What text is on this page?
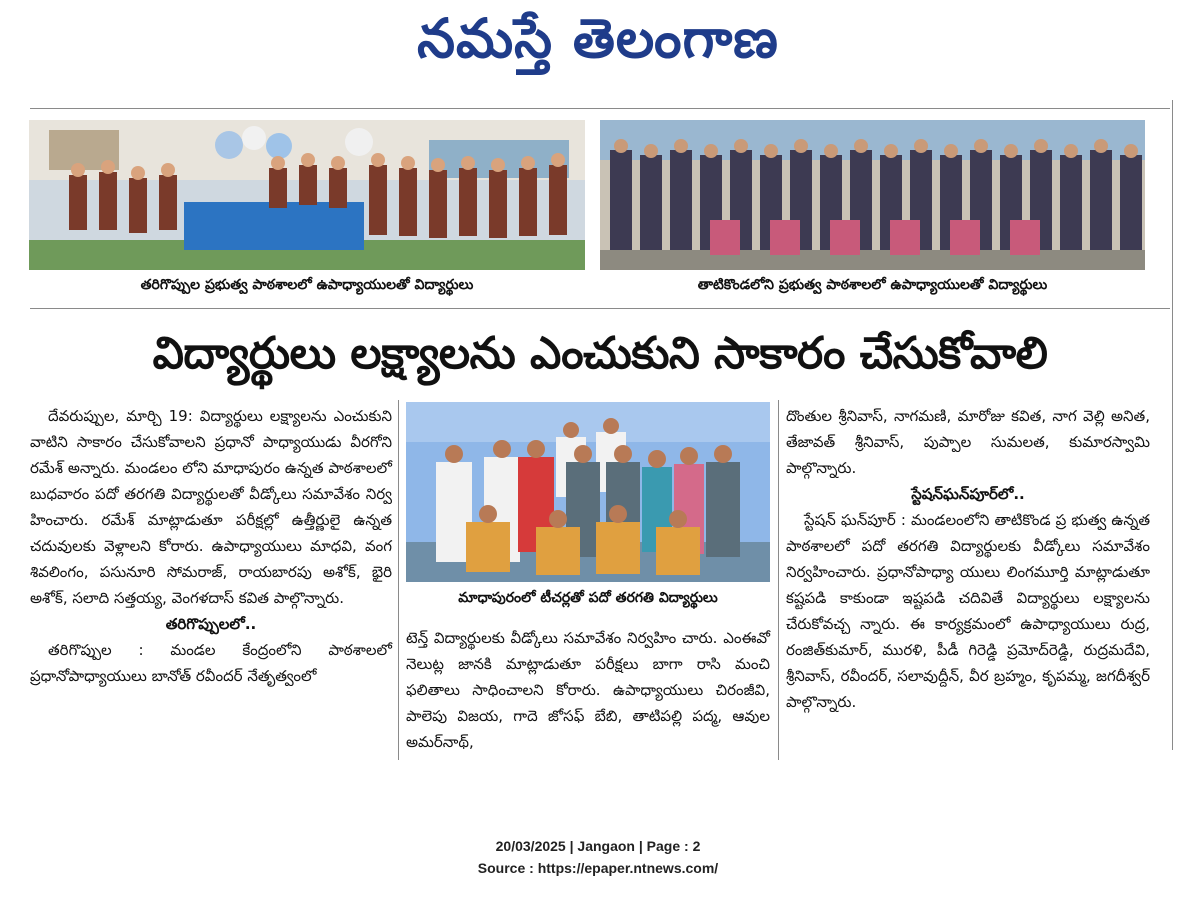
నమస్తే తెలంగాణ
తరిగొప్పుల ప్రభుత్వ పాఠశాలలో ఉపాధ్యాయులతో విద్యార్థులు	తాటికొండలోని ప్రభుత్వ పాఠశాలలో ఉపాధ్యాయులతో విద్యార్థులు
విద్యార్థులు లక్ష్యాలను ఎంచుకుని సాకారం చేసుకోవాలి
మాధాపురంలో టీచర్లతో పదో తరగతి విద్యార్థులు

దేవరుప్పుల, మార్చి 19: విద్యార్థులు లక్ష్యాలను ఎంచుకుని వాటిని సాకారం చేసుకోవాలని ప్రధానో పాధ్యాయుడు వీరగోని రమేశ్ అన్నారు. మండలం లోని మాధాపురం ఉన్నత పాఠశాలలో బుధవారం పదో తరగతి విద్యార్థులతో వీడ్కోలు సమావేశం నిర్వ హించారు. రమేశ్ మాట్లాడుతూ పరీక్షల్లో ఉత్తీర్ణులై ఉన్నత చదువులకు వెళ్లాలని కోరారు. ఉపాధ్యాయులు మాధవి, వంగ శివలింగం, పసునూరి సోమరాజ్, రాయబారపు అశోక్, భైరి అశోక్, సలాది సత్తయ్య, వెంగళదాస్ కవిత పాల్గొన్నారు.

తరిగొప్పులలో..

తరిగొప్పుల : మండల కేంద్రంలోని పాఠశాలలో ప్రధానోపాధ్యాయులు బానోత్ రవీందర్ నేతృత్వంలో

టెన్త్ విద్యార్థులకు వీడ్కోలు సమావేశం నిర్వహిం చారు. ఎంఈవో నెలుట్ల జానకి మాట్లాడుతూ పరీక్షలు బాగా రాసి మంచి ఫలితాలు సాధించాలని కోరారు. ఉపాధ్యాయులు చిరంజీవి, పాలెపు విజయ, గాదె జోసఫ్ బేబి, తాటిపల్లి పద్మ, ఆవుల అమర్‌నాథ్,

దొంతుల శ్రీనివాస్, నాగమణి, మారోజు కవిత, నాగ వెల్లి అనిత, తేజావత్ శ్రీనివాస్, పుప్పాల సుమలత, కుమారస్వామి పాల్గొన్నారు.

స్టేషన్‌ఘన్‌పూర్‌లో..

స్టేషన్ ఘన్‌పూర్ : మండలంలోని తాటికొండ ప్ర భుత్వ ఉన్నత పాఠశాలలో పదో తరగతి విద్యార్థులకు వీడ్కోలు సమావేశం నిర్వహించారు. ప్రధానోపాధ్యా యులు లింగమూర్తి మాట్లాడుతూ కష్టపడి కాకుండా ఇష్టపడి చదివితే విద్యార్థులు లక్ష్యాలను చేరుకోవచ్చ న్నారు. ఈ కార్యక్రమంలో ఉపాధ్యాయులు రుద్ర, రంజిత్‌కుమార్, మురళి, పీడీ గిరెడ్డి ప్రమోద్‌రెడ్డి, రుద్రమదేవి, శ్రీనివాస్, రవీందర్, సలావుద్దీన్, వీర బ్రహ్మం, కృపమ్మ, జగదీశ్వర్ పాల్గొన్నారు.

20/03/2025 | Jangaon | Page : 2
Source : https://epaper.ntnews.com/
